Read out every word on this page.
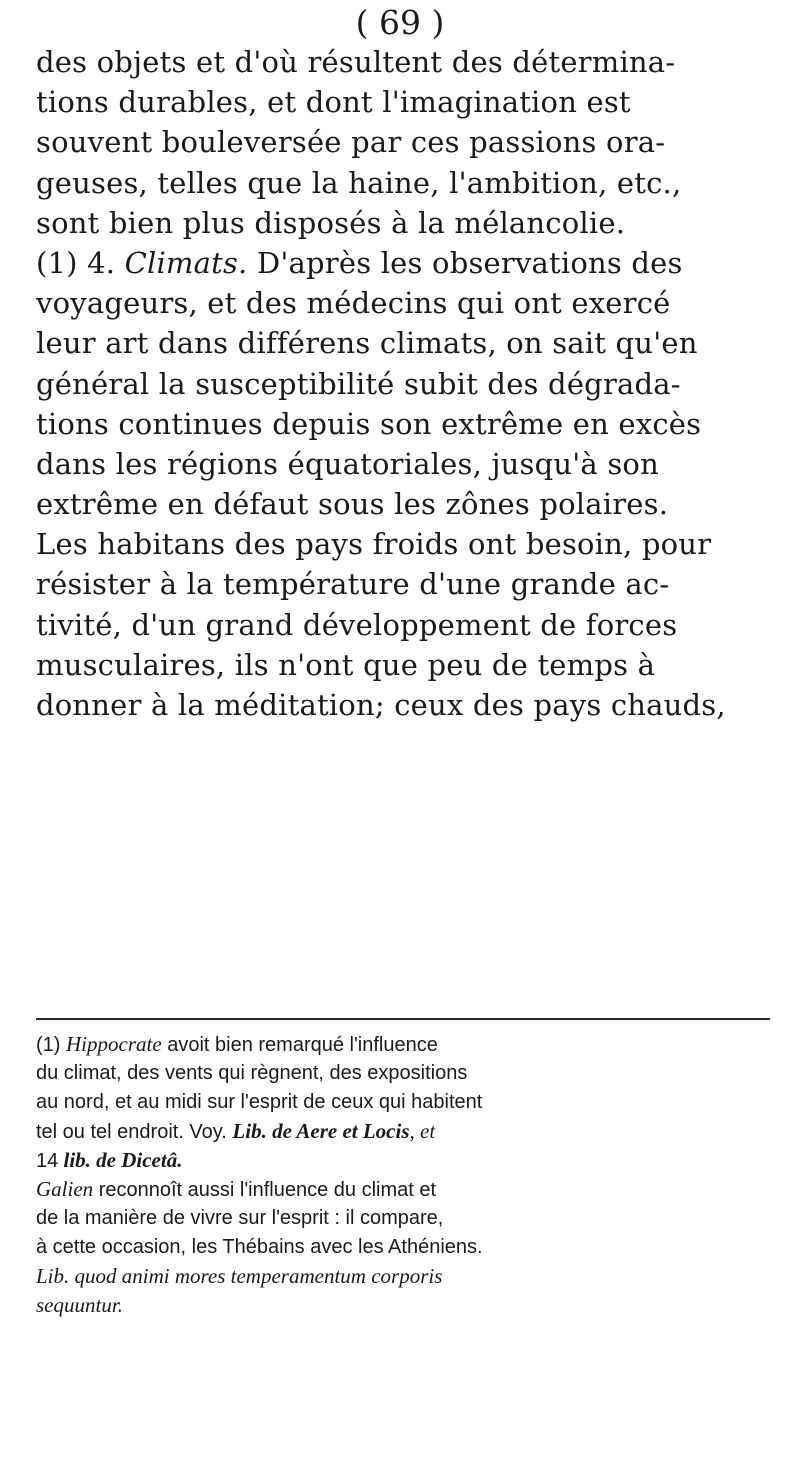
( 69 )
des objets et d'où résultent des détermina-
tions durables, et dont l'imagination est
souvent bouleversée par ces passions ora-
geuses, telles que la haine, l'ambition, etc.,
sont bien plus disposés à la mélancolie.
(1) 4. Climats. D'après les observations des
voyageurs, et des médecins qui ont exercé
leur art dans différens climats, on sait qu'en
général la susceptibilité subit des dégrada-
tions continues depuis son extrême en excès
dans les régions équatoriales, jusqu'à son
extrême en défaut sous les zônes polaires.
Les habitans des pays froids ont besoin, pour
résister à la température d'une grande ac-
tivité, d'un grand développement de forces
musculaires, ils n'ont que peu de temps à
donner à la méditation; ceux des pays chauds,
(1) Hippocrate avoit bien remarqué l'influence
du climat, des vents qui règnent, des expositions
au nord, et au midi sur l'esprit de ceux qui habitent
tel ou tel endroit. Voy. Lib. de Aere et Locis, et
14 lib. de Dicetâ.
Galien reconnoît aussi l'influence du climat et
de la manière de vivre sur l'esprit : il compare,
à cette occasion, les Thébains avec les Athéniens.
Lib. quod animi mores temperamentum corporis
sequuntur.
